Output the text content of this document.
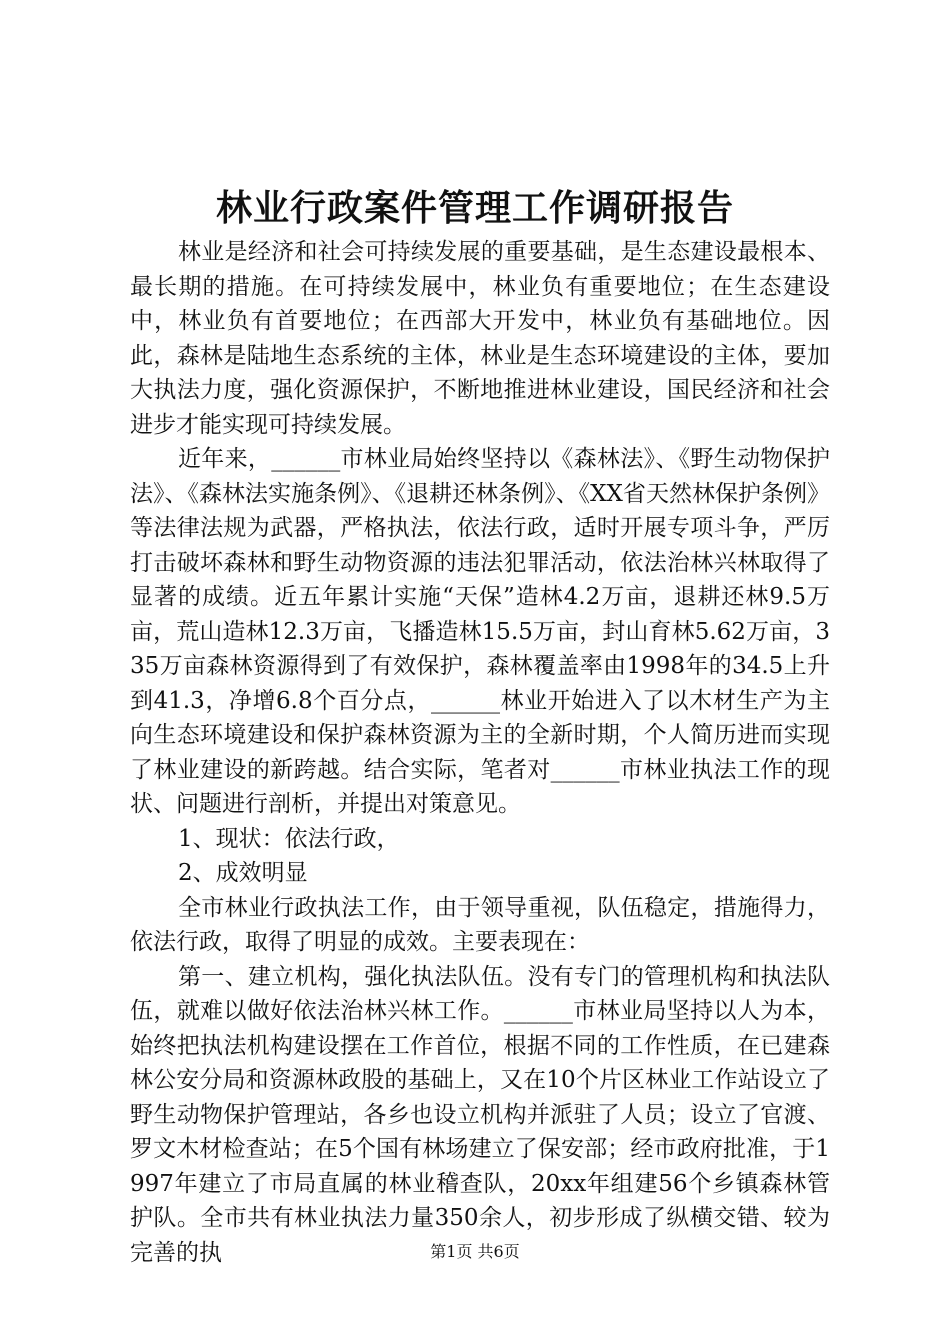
林业行政案件管理工作调研报告

林业是经济和社会可持续发展的重要基础，是生态建设最根本、最长期的措施。在可持续发展中，林业负有重要地位；在生态建设中，林业负有首要地位；在西部大开发中，林业负有基础地位。因此，森林是陆地生态系统的主体，林业是生态环境建设的主体，要加大执法力度，强化资源保护，不断地推进林业建设，国民经济和社会进步才能实现可持续发展。

近年来，______市林业局始终坚持以《森林法》、《野生动物保护法》、《森林法实施条例》、《退耕还林条例》、《XX省天然林保护条例》等法律法规为武器，严格执法，依法行政，适时开展专项斗争，严厉打击破坏森林和野生动物资源的违法犯罪活动，依法治林兴林取得了显著的成绩。近五年累计实施“天保”造林4.2万亩，退耕还林9.5万亩，荒山造林12.3万亩，飞播造林15.5万亩，封山育林5.62万亩，335万亩森林资源得到了有效保护，森林覆盖率由1998年的34.5上升到41.3，净增6.8个百分点，______林业开始进入了以木材生产为主向生态环境建设和保护森林资源为主的全新时期，个人简历进而实现了林业建设的新跨越。结合实际，笔者对______市林业执法工作的现状、问题进行剖析，并提出对策意见。

1、现状：依法行政，

2、成效明显

全市林业行政执法工作，由于领导重视，队伍稳定，措施得力，依法行政，取得了明显的成效。主要表现在：

第一、建立机构，强化执法队伍。没有专门的管理机构和执法队伍，就难以做好依法治林兴林工作。______市林业局坚持以人为本，始终把执法机构建设摆在工作首位，根据不同的工作性质，在已建森林公安分局和资源林政股的基础上，又在10个片区林业工作站设立了野生动物保护管理站，各乡也设立机构并派驻了人员；设立了官渡、罗文木材检查站；在5个国有林场建立了保安部；经市政府批准，于1997年建立了市局直属的林业稽查队，20xx年组建56个乡镇森林管护队。全市共有林业执法力量350余人，初步形成了纵横交错、较为完善的执	第1页 共6页
